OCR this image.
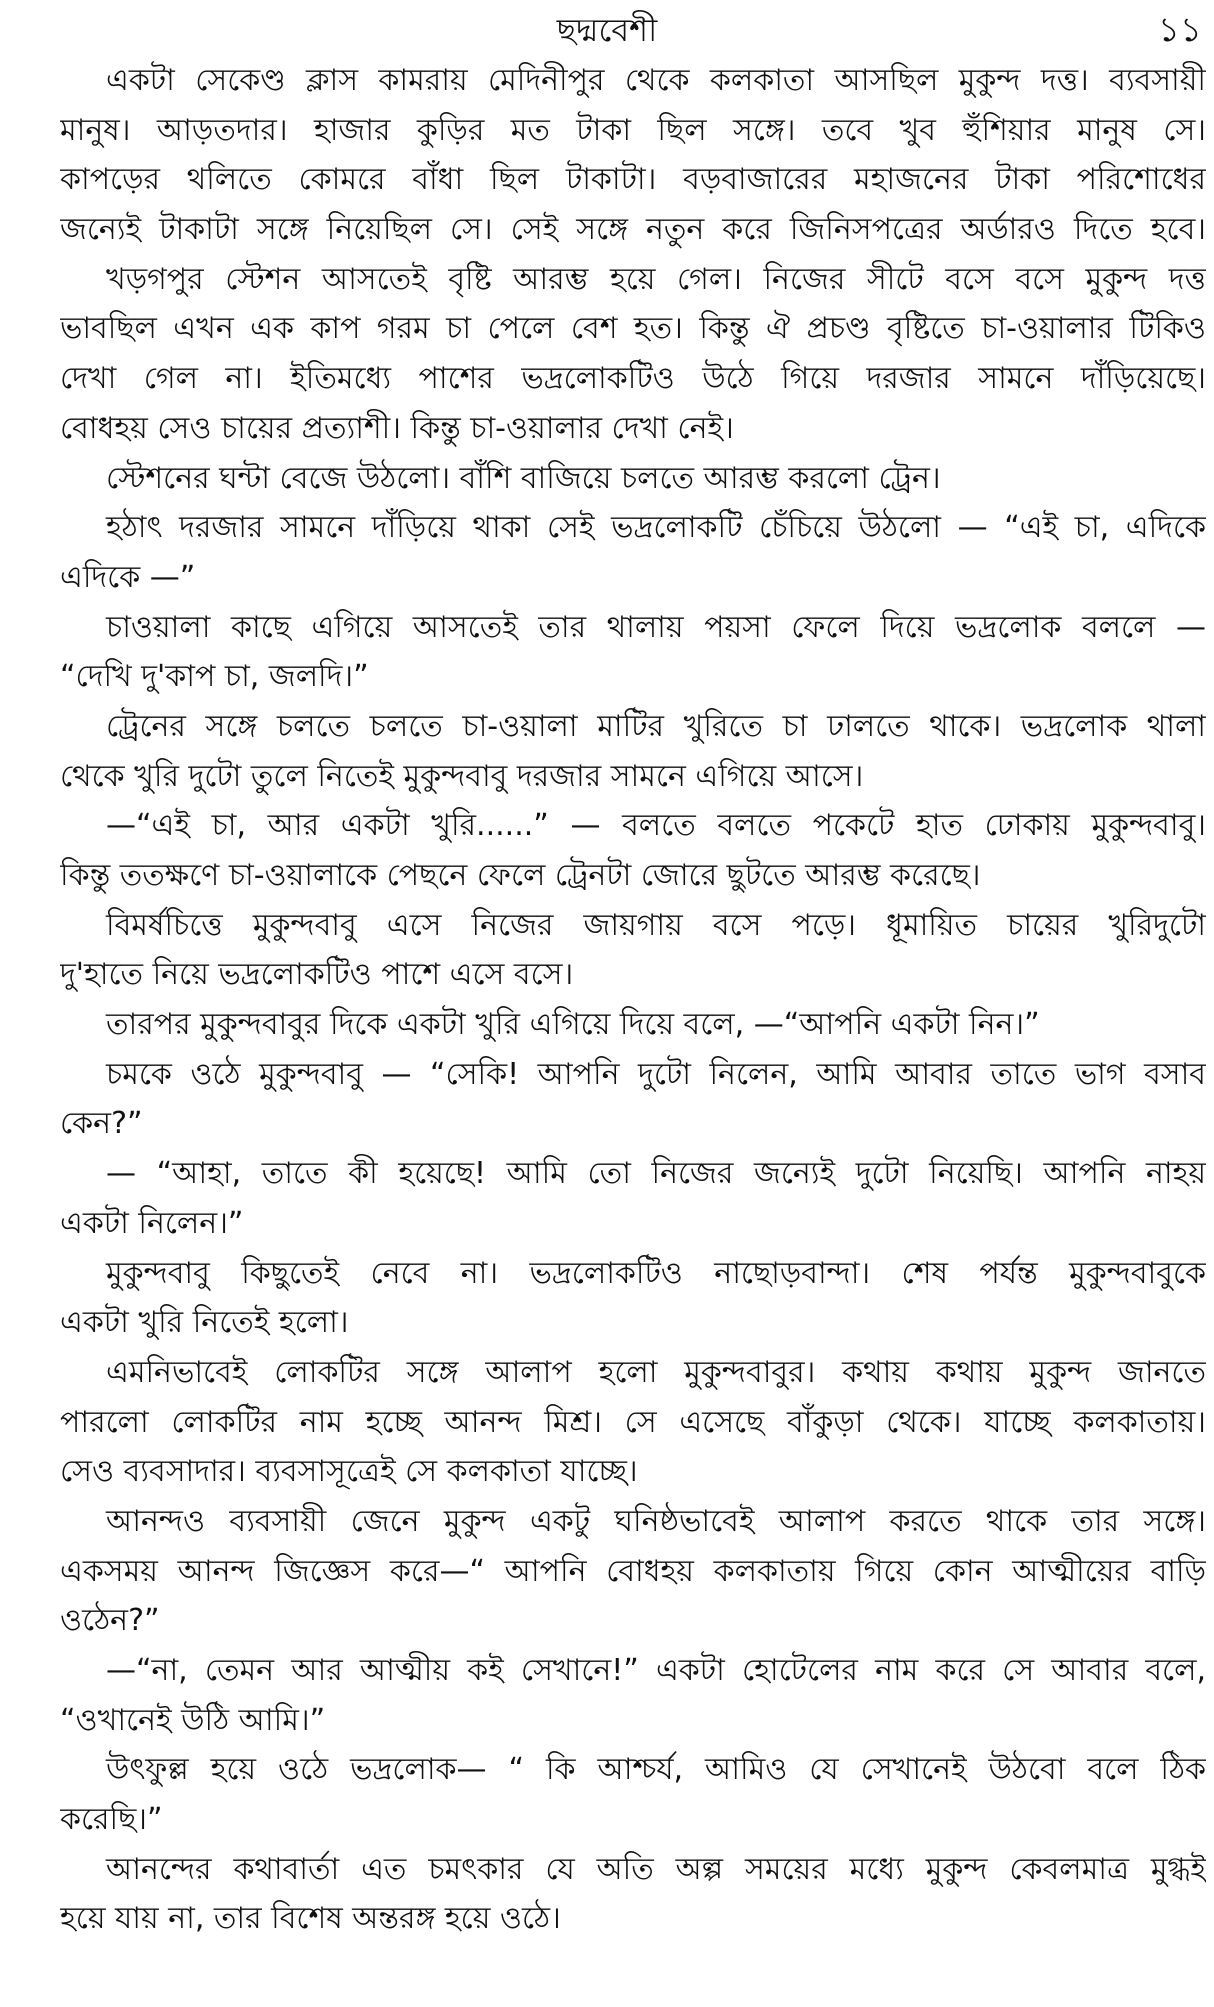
ছদ্মবেশী	১১
একটা সেকেণ্ড ক্লাস কামরায় মেদিনীপুর থেকে কলকাতা আসছিল মুকুন্দ দত্ত। ব্যবসায়ী
মানুষ। আড়তদার। হাজার কুড়ির মত টাকা ছিল সঙ্গে। তবে খুব হুঁশিয়ার মানুষ সে।
কাপড়ের থলিতে কোমরে বাঁধা ছিল টাকাটা। বড়বাজারের মহাজনের টাকা পরিশোধের
জন্যেই টাকাটা সঙ্গে নিয়েছিল সে। সেই সঙ্গে নতুন করে জিনিসপত্রের অর্ডারও দিতে হবে।
খড়গপুর স্টেশন আসতেই বৃষ্টি আরম্ভ হয়ে গেল। নিজের সীটে বসে বসে মুকুন্দ দত্ত
ভাবছিল এখন এক কাপ গরম চা পেলে বেশ হত। কিন্তু ঐ প্রচণ্ড বৃষ্টিতে চা-ওয়ালার টিকিও
দেখা গেল না। ইতিমধ্যে পাশের ভদ্রলোকটিও উঠে গিয়ে দরজার সামনে দাঁড়িয়েছে।
বোধহয় সেও চায়ের প্রত্যাশী। কিন্তু চা-ওয়ালার দেখা নেই।
স্টেশনের ঘন্টা বেজে উঠলো। বাঁশি বাজিয়ে চলতে আরম্ভ করলো ট্রেন।
হঠাৎ দরজার সামনে দাঁড়িয়ে থাকা সেই ভদ্রলোকটি চেঁচিয়ে উঠলো — “এই চা, এদিকে
এদিকে —”
চাওয়ালা কাছে এগিয়ে আসতেই তার থালায় পয়সা ফেলে দিয়ে ভদ্রলোক বললে —
“দেখি দু'কাপ চা, জলদি।”
ট্রেনের সঙ্গে চলতে চলতে চা-ওয়ালা মাটির খুরিতে চা ঢালতে থাকে। ভদ্রলোক থালা
থেকে খুরি দুটো তুলে নিতেই মুকুন্দবাবু দরজার সামনে এগিয়ে আসে।
—“এই চা, আর একটা খুরি......” — বলতে বলতে পকেটে হাত ঢোকায় মুকুন্দবাবু।
কিন্তু ততক্ষণে চা-ওয়ালাকে পেছনে ফেলে ট্রেনটা জোরে ছুটতে আরম্ভ করেছে।
বিমর্ষচিত্তে মুকুন্দবাবু এসে নিজের জায়গায় বসে পড়ে। ধূমায়িত চায়ের খুরিদুটো
দু'হাতে নিয়ে ভদ্রলোকটিও পাশে এসে বসে।
তারপর মুকুন্দবাবুর দিকে একটা খুরি এগিয়ে দিয়ে বলে, —“আপনি একটা নিন।”
চমকে ওঠে মুকুন্দবাবু — “সেকি! আপনি দুটো নিলেন, আমি আবার তাতে ভাগ বসাব
কেন?”
— “আহা, তাতে কী হয়েছে! আমি তো নিজের জন্যেই দুটো নিয়েছি। আপনি নাহয়
একটা নিলেন।”
মুকুন্দবাবু কিছুতেই নেবে না। ভদ্রলোকটিও নাছোড়বান্দা। শেষ পর্যন্ত মুকুন্দবাবুকে
একটা খুরি নিতেই হলো।
এমনিভাবেই লোকটির সঙ্গে আলাপ হলো মুকুন্দবাবুর। কথায় কথায় মুকুন্দ জানতে
পারলো লোকটির নাম হচ্ছে আনন্দ মিশ্র। সে এসেছে বাঁকুড়া থেকে। যাচ্ছে কলকাতায়।
সেও ব্যবসাদার। ব্যবসাসূত্রেই সে কলকাতা যাচ্ছে।
আনন্দও ব্যবসায়ী জেনে মুকুন্দ একটু ঘনিষ্ঠভাবেই আলাপ করতে থাকে তার সঙ্গে।
একসময় আনন্দ জিজ্ঞেস করে—“ আপনি বোধহয় কলকাতায় গিয়ে কোন আত্মীয়ের বাড়ি
ওঠেন?”
—“না, তেমন আর আত্মীয় কই সেখানে!” একটা হোটেলের নাম করে সে আবার বলে,
“ওখানেই উঠি আমি।”
উৎফুল্ল হয়ে ওঠে ভদ্রলোক— “ কি আশ্চর্য, আমিও যে সেখানেই উঠবো বলে ঠিক
করেছি।”
আনন্দের কথাবার্তা এত চমৎকার যে অতি অল্প সময়ের মধ্যে মুকুন্দ কেবলমাত্র মুগ্ধই
হয়ে যায় না, তার বিশেষ অন্তরঙ্গ হয়ে ওঠে।
